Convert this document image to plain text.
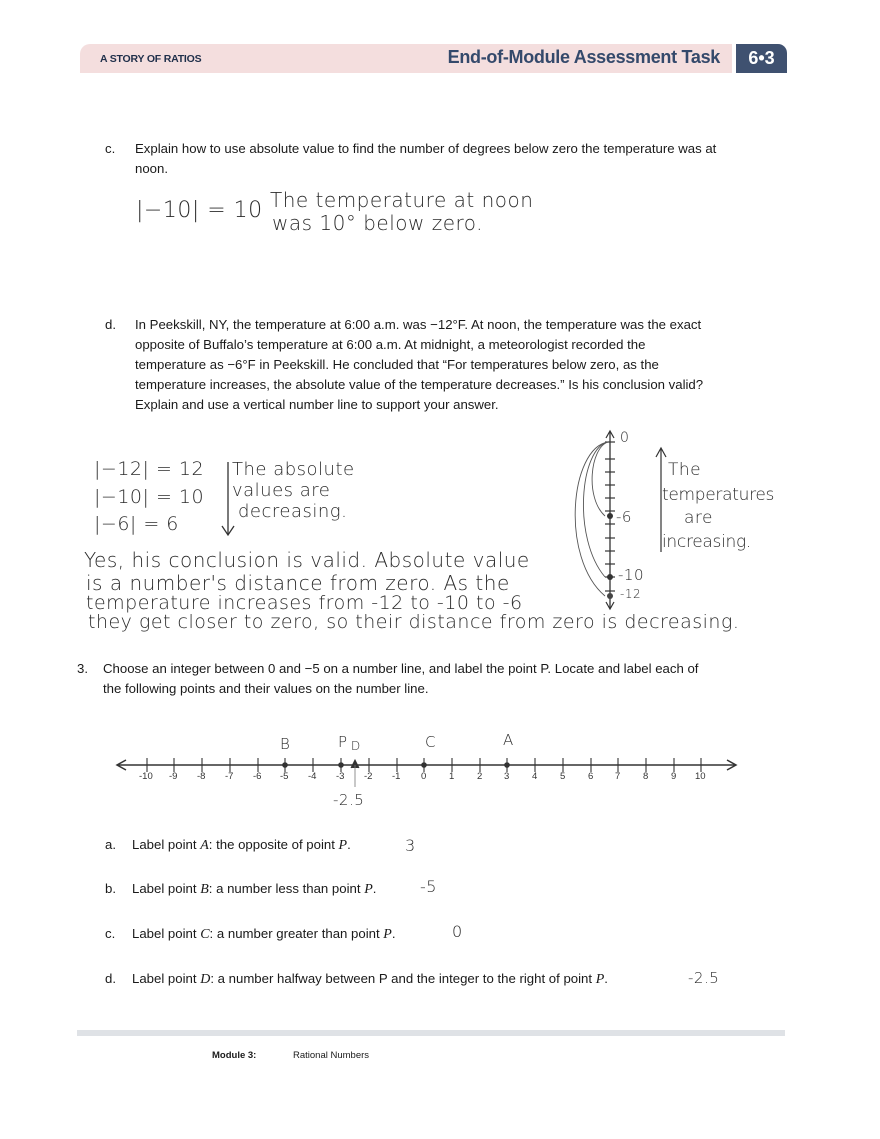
A STORY OF RATIOS	End-of-Module Assessment Task	6•3
c. Explain how to use absolute value to find the number of degrees below zero the temperature was at
noon.
|−10| = 10 The temperature at noon
was 10° below zero.
d. In Peekskill, NY, the temperature at 6:00 a.m. was −12°F. At noon, the temperature was the exact
opposite of Buffalo’s temperature at 6:00 a.m. At midnight, a meteorologist recorded the
temperature as −6°F in Peekskill. He concluded that “For temperatures below zero, as the
temperature increases, the absolute value of the temperature decreases.” Is his conclusion valid?
Explain and use a vertical number line to support your answer.
|−12| = 12
|−10| = 10
|−6| = 6
The absolute
values are
decreasing.
Yes, his conclusion is valid. Absolute value
is a number's distance from zero. As the
temperature increases from -12 to -10 to -6
they get closer to zero, so their distance from zero is decreasing.
0
-6
-10
-12
The
temperatures
are
increasing.
3. Choose an integer between 0 and −5 on a number line, and label the point P. Locate and label each of
the following points and their values on the number line.
-10 -9 -8 -7 -6 -5 -4 -3 -2 -1 0 1 2 3 4 5 6 7 8 9 10
B	P D	C	A
-2.5
a. Label point A: the opposite of point P.	3
b. Label point B: a number less than point P.	-5
c. Label point C: a number greater than point P.	0
d. Label point D: a number halfway between P and the integer to the right of point P.	-2.5
Module 3:	Rational Numbers
